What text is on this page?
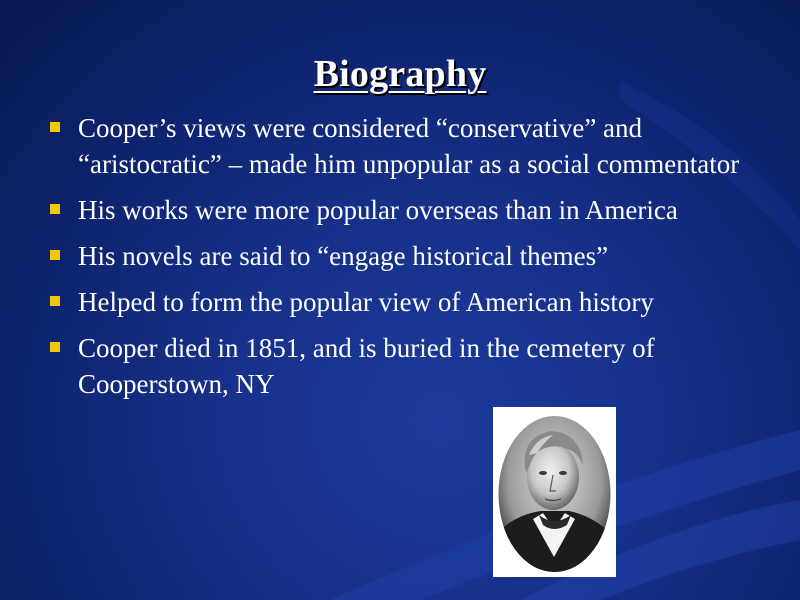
Biography
Cooper’s views were considered “conservative” and “aristocratic” – made him unpopular as a social commentator
His works were more popular overseas than in America
His novels are said to “engage historical themes”
Helped to form the popular view of American history
Cooper died in 1851, and is buried in the cemetery of Cooperstown, NY
